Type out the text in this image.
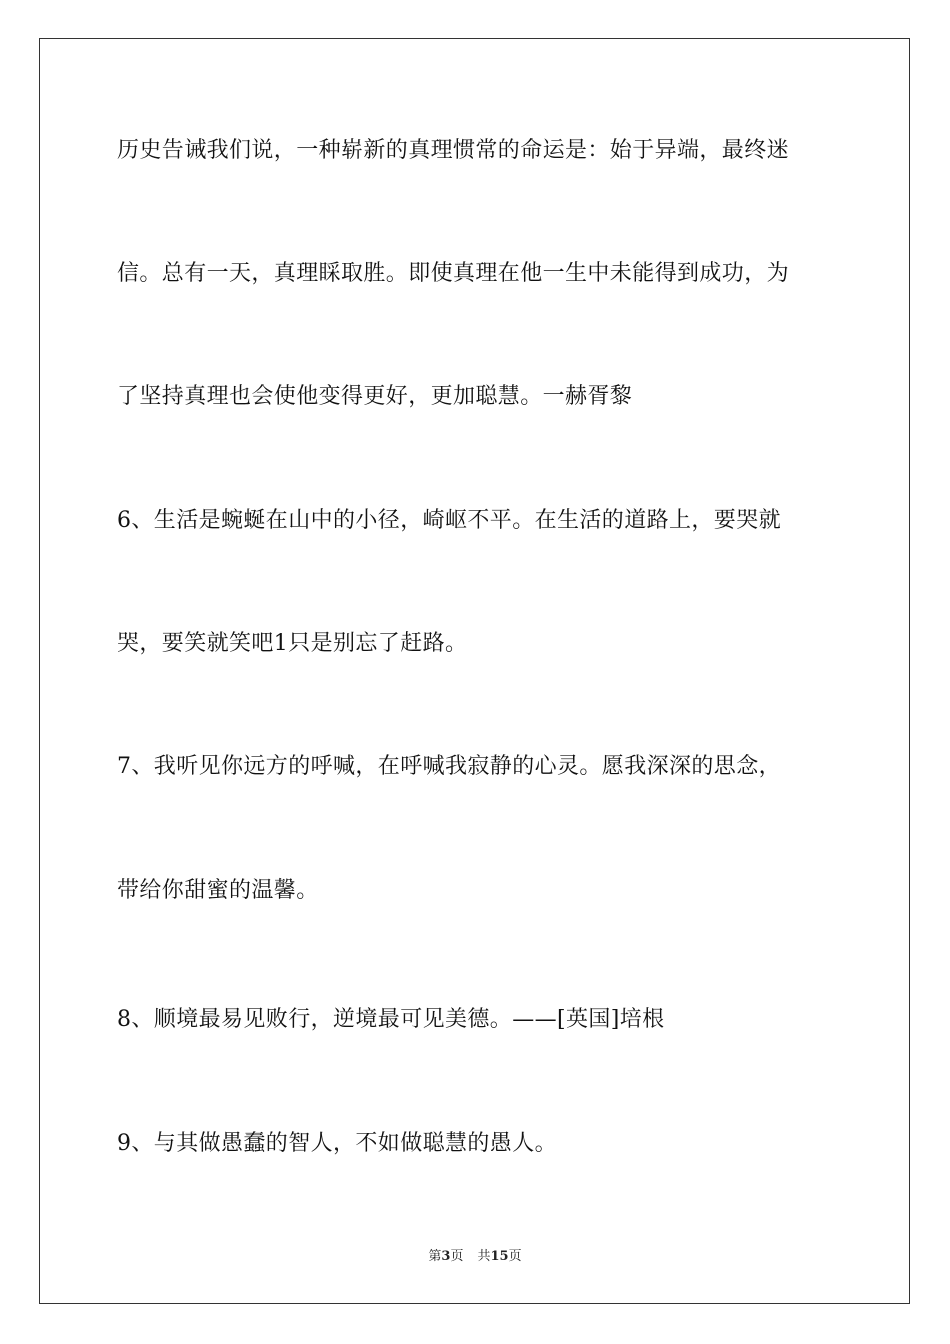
历史告诫我们说，一种崭新的真理惯常的命运是：始于异端，最终迷
信。总有一天，真理睬取胜。即使真理在他一生中未能得到成功，为
了坚持真理也会使他变得更好，更加聪慧。一赫胥黎
6、生活是蜿蜒在山中的小径，崎岖不平。在生活的道路上，要哭就
哭，要笑就笑吧1只是别忘了赶路。
7、我听见你远方的呼喊，在呼喊我寂静的心灵。愿我深深的思念，
带给你甜蜜的温馨。
8、顺境最易见败行，逆境最可见美德。——[英国]培根
9、与其做愚蠢的智人，不如做聪慧的愚人。
第3页 共15页
